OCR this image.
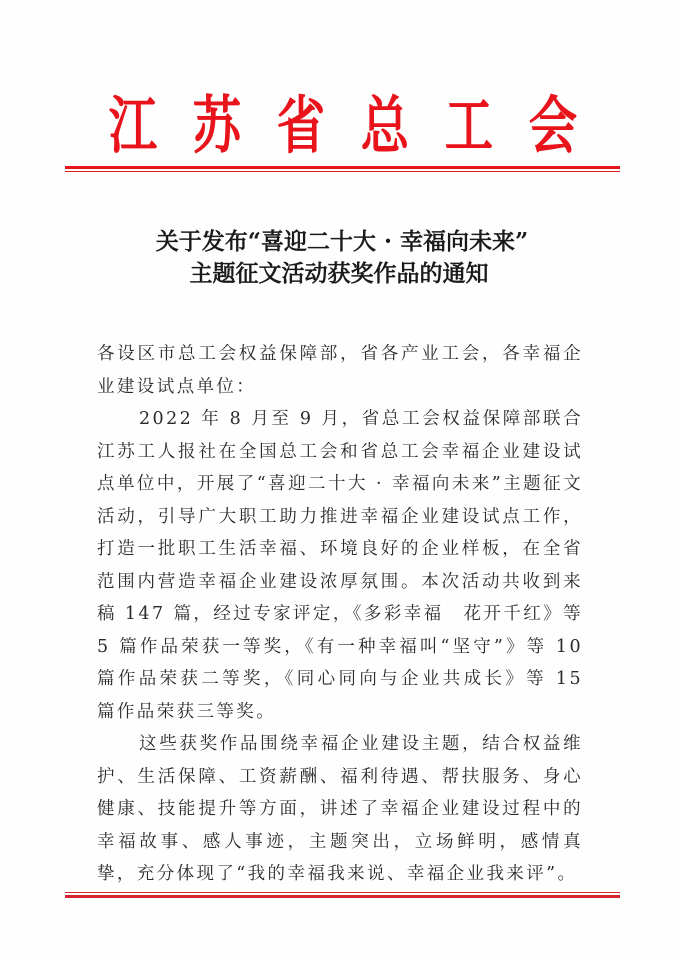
江 苏 省 总 工 会
关于发布“喜迎二十大 · 幸福向未来”
主题征文活动获奖作品的通知

各设区市总工会权益保障部，省各产业工会，各幸福企业建设试点单位：

2022 年 8 月至 9 月，省总工会权益保障部联合江苏工人报社在全国总工会和省总工会幸福企业建设试点单位中，开展了“喜迎二十大 · 幸福向未来”主题征文活动，引导广大职工助力推进幸福企业建设试点工作，打造一批职工生活幸福、环境良好的企业样板，在全省范围内营造幸福企业建设浓厚氛围。本次活动共收到来稿 147 篇，经过专家评定，《多彩幸福　花开千红》等 5 篇作品荣获一等奖，《有一种幸福叫“坚守”》等 10 篇作品荣获二等奖，《同心同向与企业共成长》等 15 篇作品荣获三等奖。

这些获奖作品围绕幸福企业建设主题，结合权益维护、生活保障、工资薪酬、福利待遇、帮扶服务、身心健康、技能提升等方面，讲述了幸福企业建设过程中的幸福故事、感人事迹，主题突出，立场鲜明，感情真挚，充分体现了“我的幸福我来说、幸福企业我来评”。
